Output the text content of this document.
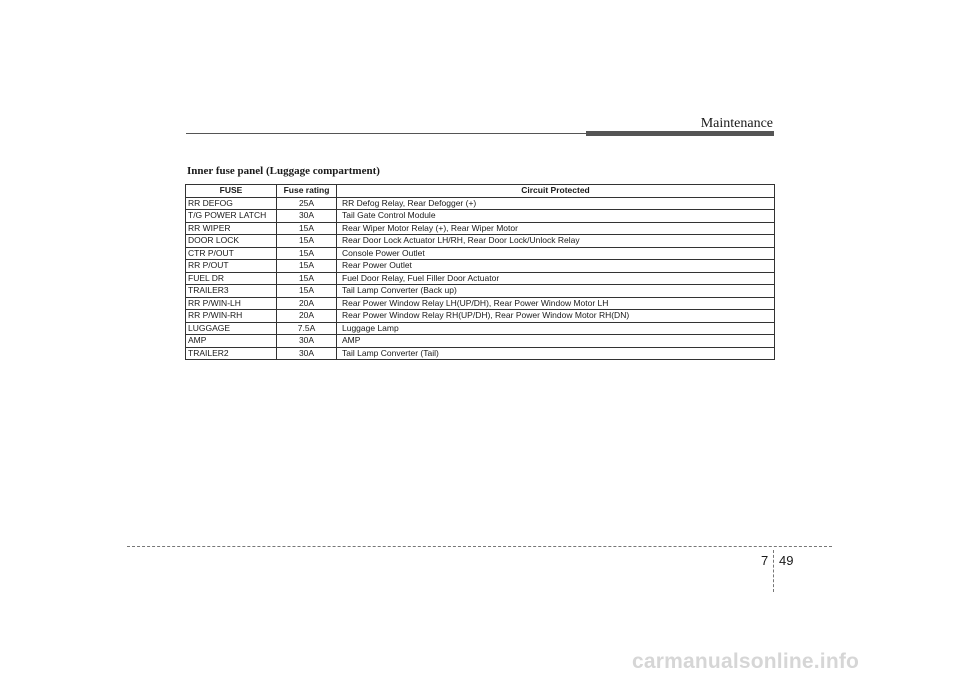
Maintenance
Inner fuse panel (Luggage compartment)
FUSE	Fuse rating	Circuit Protected
RR DEFOG	25A	RR Defog Relay, Rear Defogger (+)
T/G POWER LATCH	30A	Tail Gate Control Module
RR WIPER	15A	Rear Wiper Motor Relay (+), Rear Wiper Motor
DOOR LOCK	15A	Rear Door Lock Actuator LH/RH, Rear Door Lock/Unlock Relay
CTR P/OUT	15A	Console Power Outlet
RR P/OUT	15A	Rear Power Outlet
FUEL DR	15A	Fuel Door Relay, Fuel Filler Door Actuator
TRAILER3	15A	Tail Lamp Converter (Back up)
RR P/WIN-LH	20A	Rear Power Window Relay LH(UP/DH), Rear Power Window Motor LH
RR P/WIN-RH	20A	Rear Power Window Relay RH(UP/DH), Rear Power Window Motor RH(DN)
LUGGAGE	7.5A	Luggage Lamp
AMP	30A	AMP
TRAILER2	30A	Tail Lamp Converter (Tail)
7 49
carmanualsonline.info
